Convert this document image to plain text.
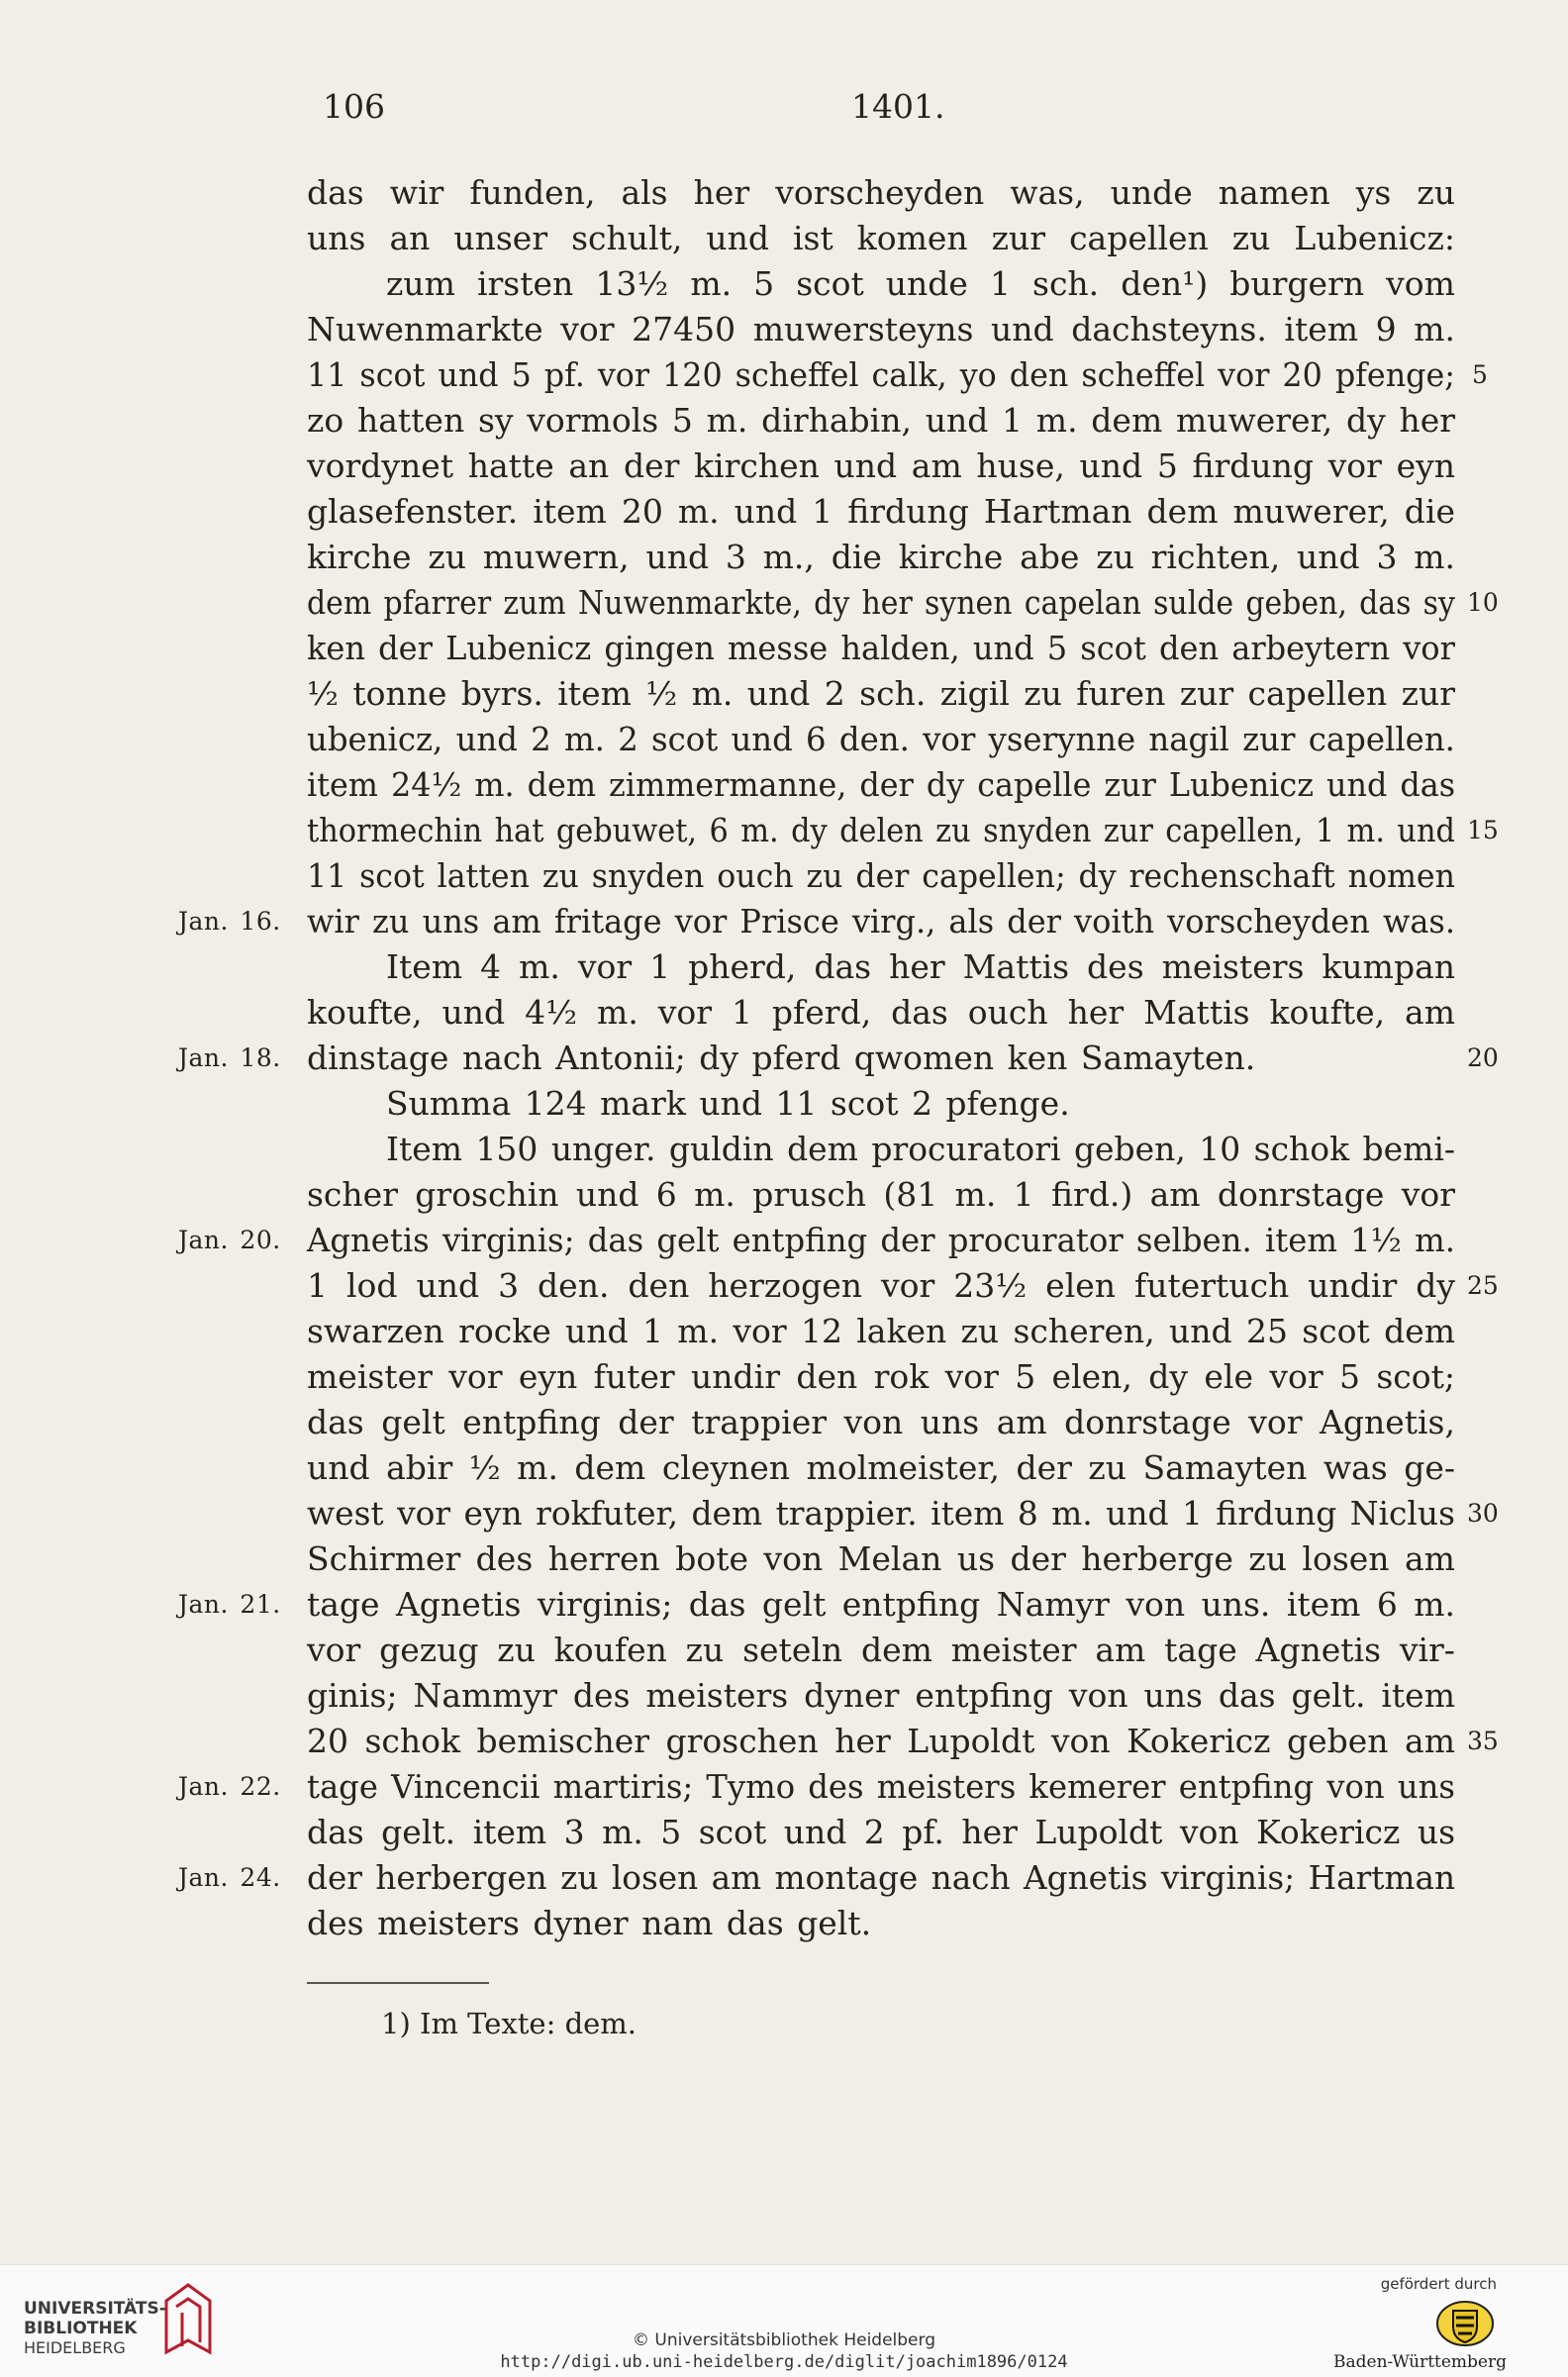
106	1401.
das wir funden, als her vorscheyden was, unde namen ys zu
uns an unser schult, und ist komen zur capellen zu Lubenicz:
zum irsten 13½ m. 5 scot unde 1 sch. den¹) burgern vom
Nuwenmarkte vor 27450 muwersteyns und dachsteyns. item 9 m.
11 scot und 5 pf. vor 120 scheffel calk, yo den scheffel vor 20 pfenge; 5
zo hatten sy vormols 5 m. dirhabin, und 1 m. dem muwerer, dy her
vordynet hatte an der kirchen und am huse, und 5 firdung vor eyn
glasefenster. item 20 m. und 1 firdung Hartman dem muwerer, die
kirche zu muwern, und 3 m., die kirche abe zu richten, und 3 m.
dem pfarrer zum Nuwenmarkte, dy her synen capelan sulde geben, das sy 10
ken der Lubenicz gingen messe halden, und 5 scot den arbeytern vor
½ tonne byrs. item ½ m. und 2 sch. zigil zu furen zur capellen zur
ubenicz, und 2 m. 2 scot und 6 den. vor yserynne nagil zur capellen.
item 24½ m. dem zimmermanne, der dy capelle zur Lubenicz und das
thormechin hat gebuwet, 6 m. dy delen zu snyden zur capellen, 1 m. und 15
11 scot latten zu snyden ouch zu der capellen; dy rechenschaft nomen
wir zu uns am fritage vor Prisce virg., als der voith vorscheyden was.
Jan. 16.
Item 4 m. vor 1 pherd, das her Mattis des meisters kumpan
koufte, und 4½ m. vor 1 pferd, das ouch her Mattis koufte, am
dinstage nach Antonii; dy pferd qwomen ken Samayten.
Jan. 18.	20
Summa 124 mark und 11 scot 2 pfenge.
Item 150 unger. guldin dem procuratori geben, 10 schok bemi-
scher groschin und 6 m. prusch (81 m. 1 fird.) am donrstage vor
Agnetis virginis; das gelt entpfing der procurator selben. item 1½ m.
Jan. 20.
1 lod und 3 den. den herzogen vor 23½ elen futertuch undir dy 25
swarzen rocke und 1 m. vor 12 laken zu scheren, und 25 scot dem
meister vor eyn futer undir den rok vor 5 elen, dy ele vor 5 scot;
das gelt entpfing der trappier von uns am donrstage vor Agnetis,
und abir ½ m. dem cleynen molmeister, der zu Samayten was ge-
west vor eyn rokfuter, dem trappier. item 8 m. und 1 firdung Niclus 30
Schirmer des herren bote von Melan us der herberge zu losen am
tage Agnetis virginis; das gelt entpfing Namyr von uns. item 6 m.
Jan. 21.
vor gezug zu koufen zu seteln dem meister am tage Agnetis vir-
ginis; Nammyr des meisters dyner entpfing von uns das gelt. item
20 schok bemischer groschen her Lupoldt von Kokericz geben am 35
tage Vincencii martiris; Tymo des meisters kemerer entpfing von uns
Jan. 22.
das gelt. item 3 m. 5 scot und 2 pf. her Lupoldt von Kokericz us
der herbergen zu losen am montage nach Agnetis virginis; Hartman
Jan. 24.
des meisters dyner nam das gelt.
1) Im Texte: dem.
UNIVERSITÄTS-
BIBLIOTHEK
HEIDELBERG	© Universitätsbibliothek Heidelberg
http://digi.ub.uni-heidelberg.de/diglit/joachim1896/0124
gefördert durch
Baden-Württemberg
